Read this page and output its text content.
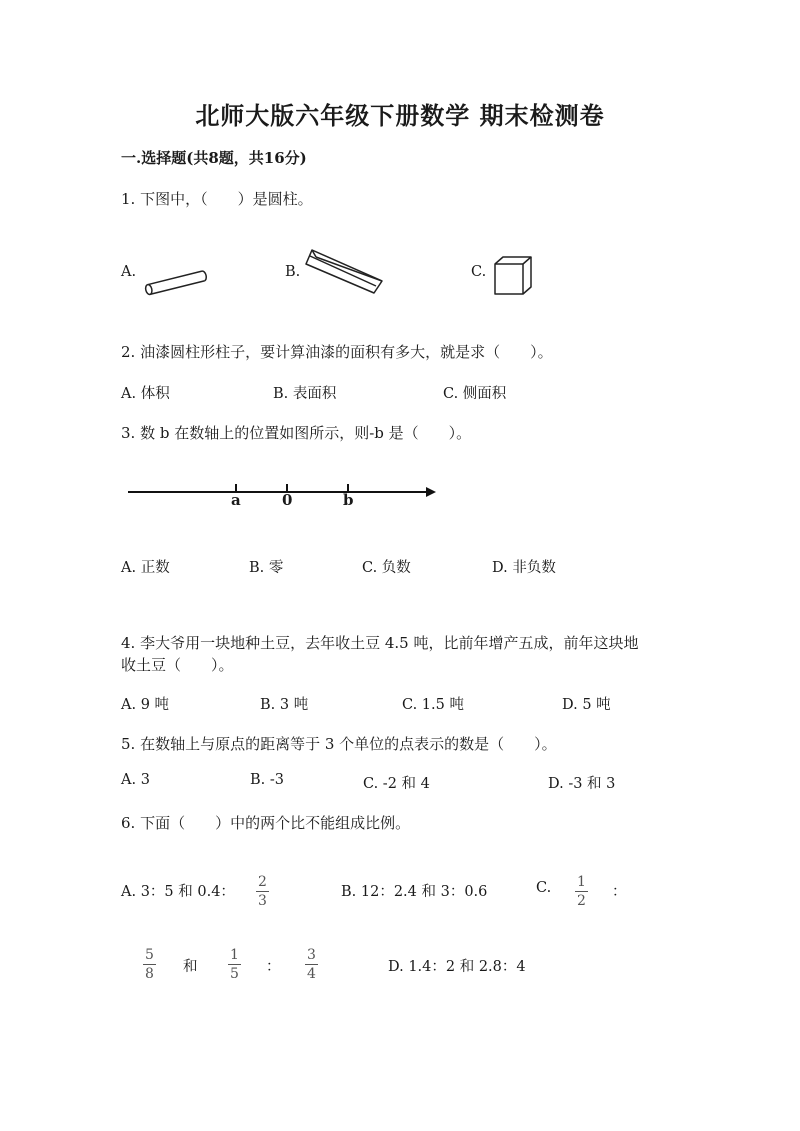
北师大版六年级下册数学 期末检测卷
一.选择题(共8题，共16分)
1. 下图中，（　　）是圆柱。
A.	B.	C.
2. 油漆圆柱形柱子，要计算油漆的面积有多大，就是求（　　）。
A. 体积	B. 表面积	C. 侧面积
3. 数 b 在数轴上的位置如图所示，则-b 是（　　）。
a	0	b
A. 正数	B. 零	C. 负数	D. 非负数
4. 李大爷用一块地种土豆，去年收土豆 4.5 吨，比前年增产五成，前年这块地
收土豆（　　）。
A. 9 吨	B. 3 吨	C. 1.5 吨	D. 5 吨
5. 在数轴上与原点的距离等于 3 个单位的点表示的数是（　　）。
A. 3	B. -3	C. -2 和 4	D. -3 和 3
6. 下面（　　）中的两个比不能组成比例。
A. 3：5 和 0.4：
2
3
B. 12：2.4 和 3：0.6	C. 1
2
：
5
8 和
1
5 ：
3
4	D. 1.4：2 和 2.8：4
